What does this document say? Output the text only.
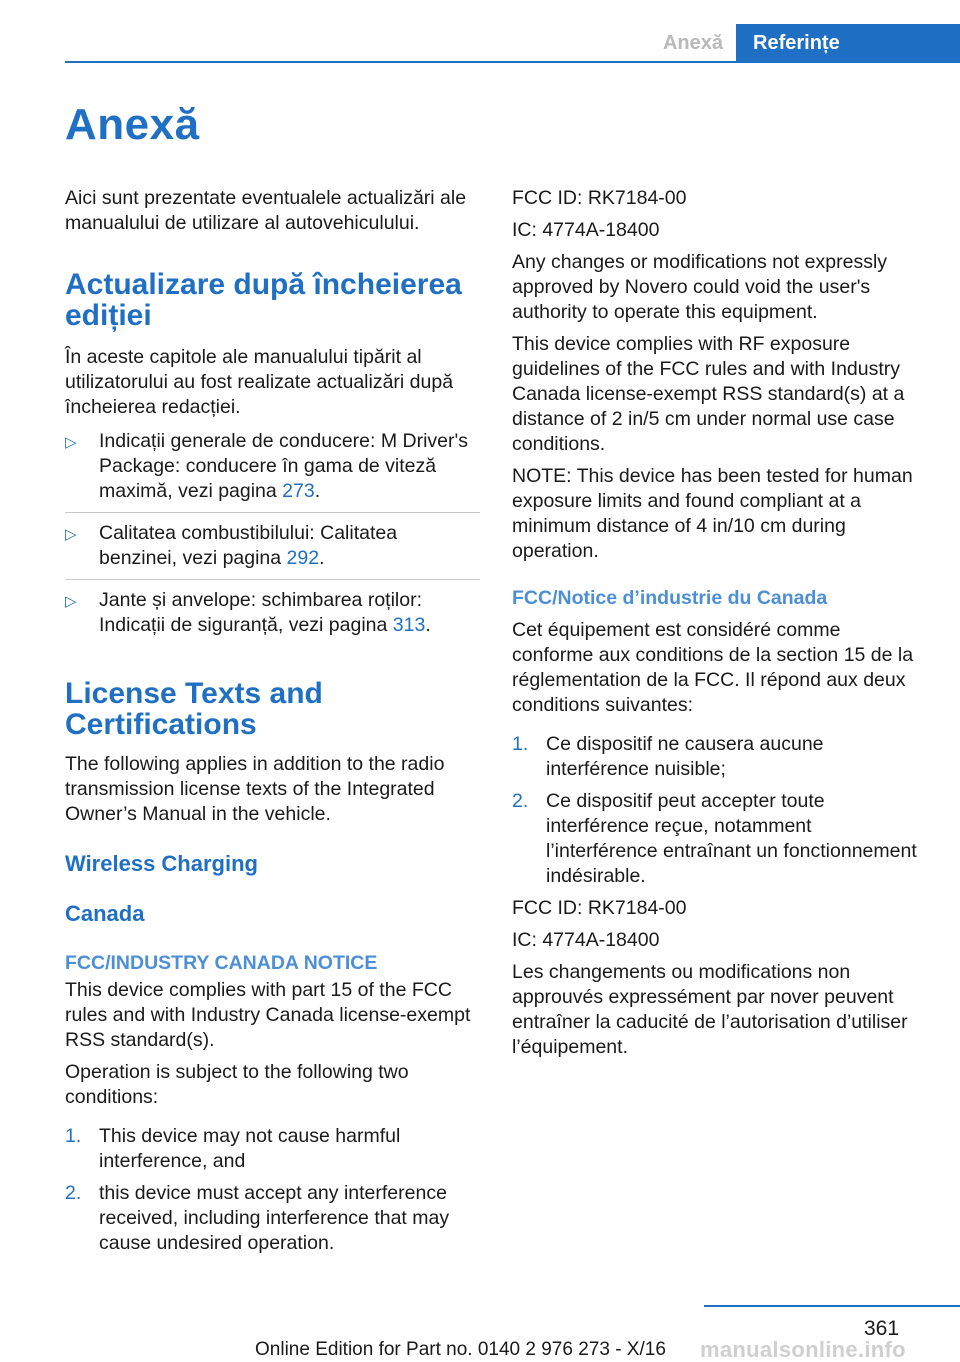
Anexă	Referințe
Anexă

Aici sunt prezentate eventualele actualizări ale manualului de utilizare al autovehiculului.

Actualizare după încheierea ediției

În aceste capitole ale manualului tipărit al utilizatorului au fost realizate actualizări după încheierea redacției.

▷ Indicații generale de conducere: M Driver's Package: conducere în gama de viteză maximă, vezi pagina 273.
▷ Calitatea combustibilului: Calitatea benzinei, vezi pagina 292.
▷ Jante și anvelope: schimbarea roților: Indicații de siguranță, vezi pagina 313.
License Texts and Certifications

The following applies in addition to the radio transmission license texts of the Integrated Owner’s Manual in the vehicle.

Wireless Charging
Canada
FCC/INDUSTRY CANADA NOTICE

This device complies with part 15 of the FCC rules and with Industry Canada license-exempt RSS standard(s).

Operation is subject to the following two conditions:

1. This device may not cause harmful interference, and
2. this device must accept any interference received, including interference that may cause undesired operation.

FCC ID: RK7184-00

IC: 4774A-18400

Any changes or modifications not expressly approved by Novero could void the user's authority to operate this equipment.

This device complies with RF exposure guidelines of the FCC rules and with Industry Canada license-exempt RSS standard(s) at a distance of 2 in/5 cm under normal use case conditions.

NOTE: This device has been tested for human exposure limits and found compliant at a minimum distance of 4 in/10 cm during operation.

FCC/Notice d’industrie du Canada

Cet équipement est considéré comme conforme aux conditions de la section 15 de la réglementation de la FCC. Il répond aux deux conditions suivantes:

1. Ce dispositif ne causera aucune interférence nuisible;
2. Ce dispositif peut accepter toute interférence reçue, notamment l’interférence entraînant un fonctionnement indésirable.

FCC ID: RK7184-00

IC: 4774A-18400

Les changements ou modifications non approuvés expressément par nover peuvent entraîner la caducité de l’autorisation d’utiliser l’équipement.

361
Online Edition for Part no. 0140 2 976 273 - X/16 manualsonline.info
